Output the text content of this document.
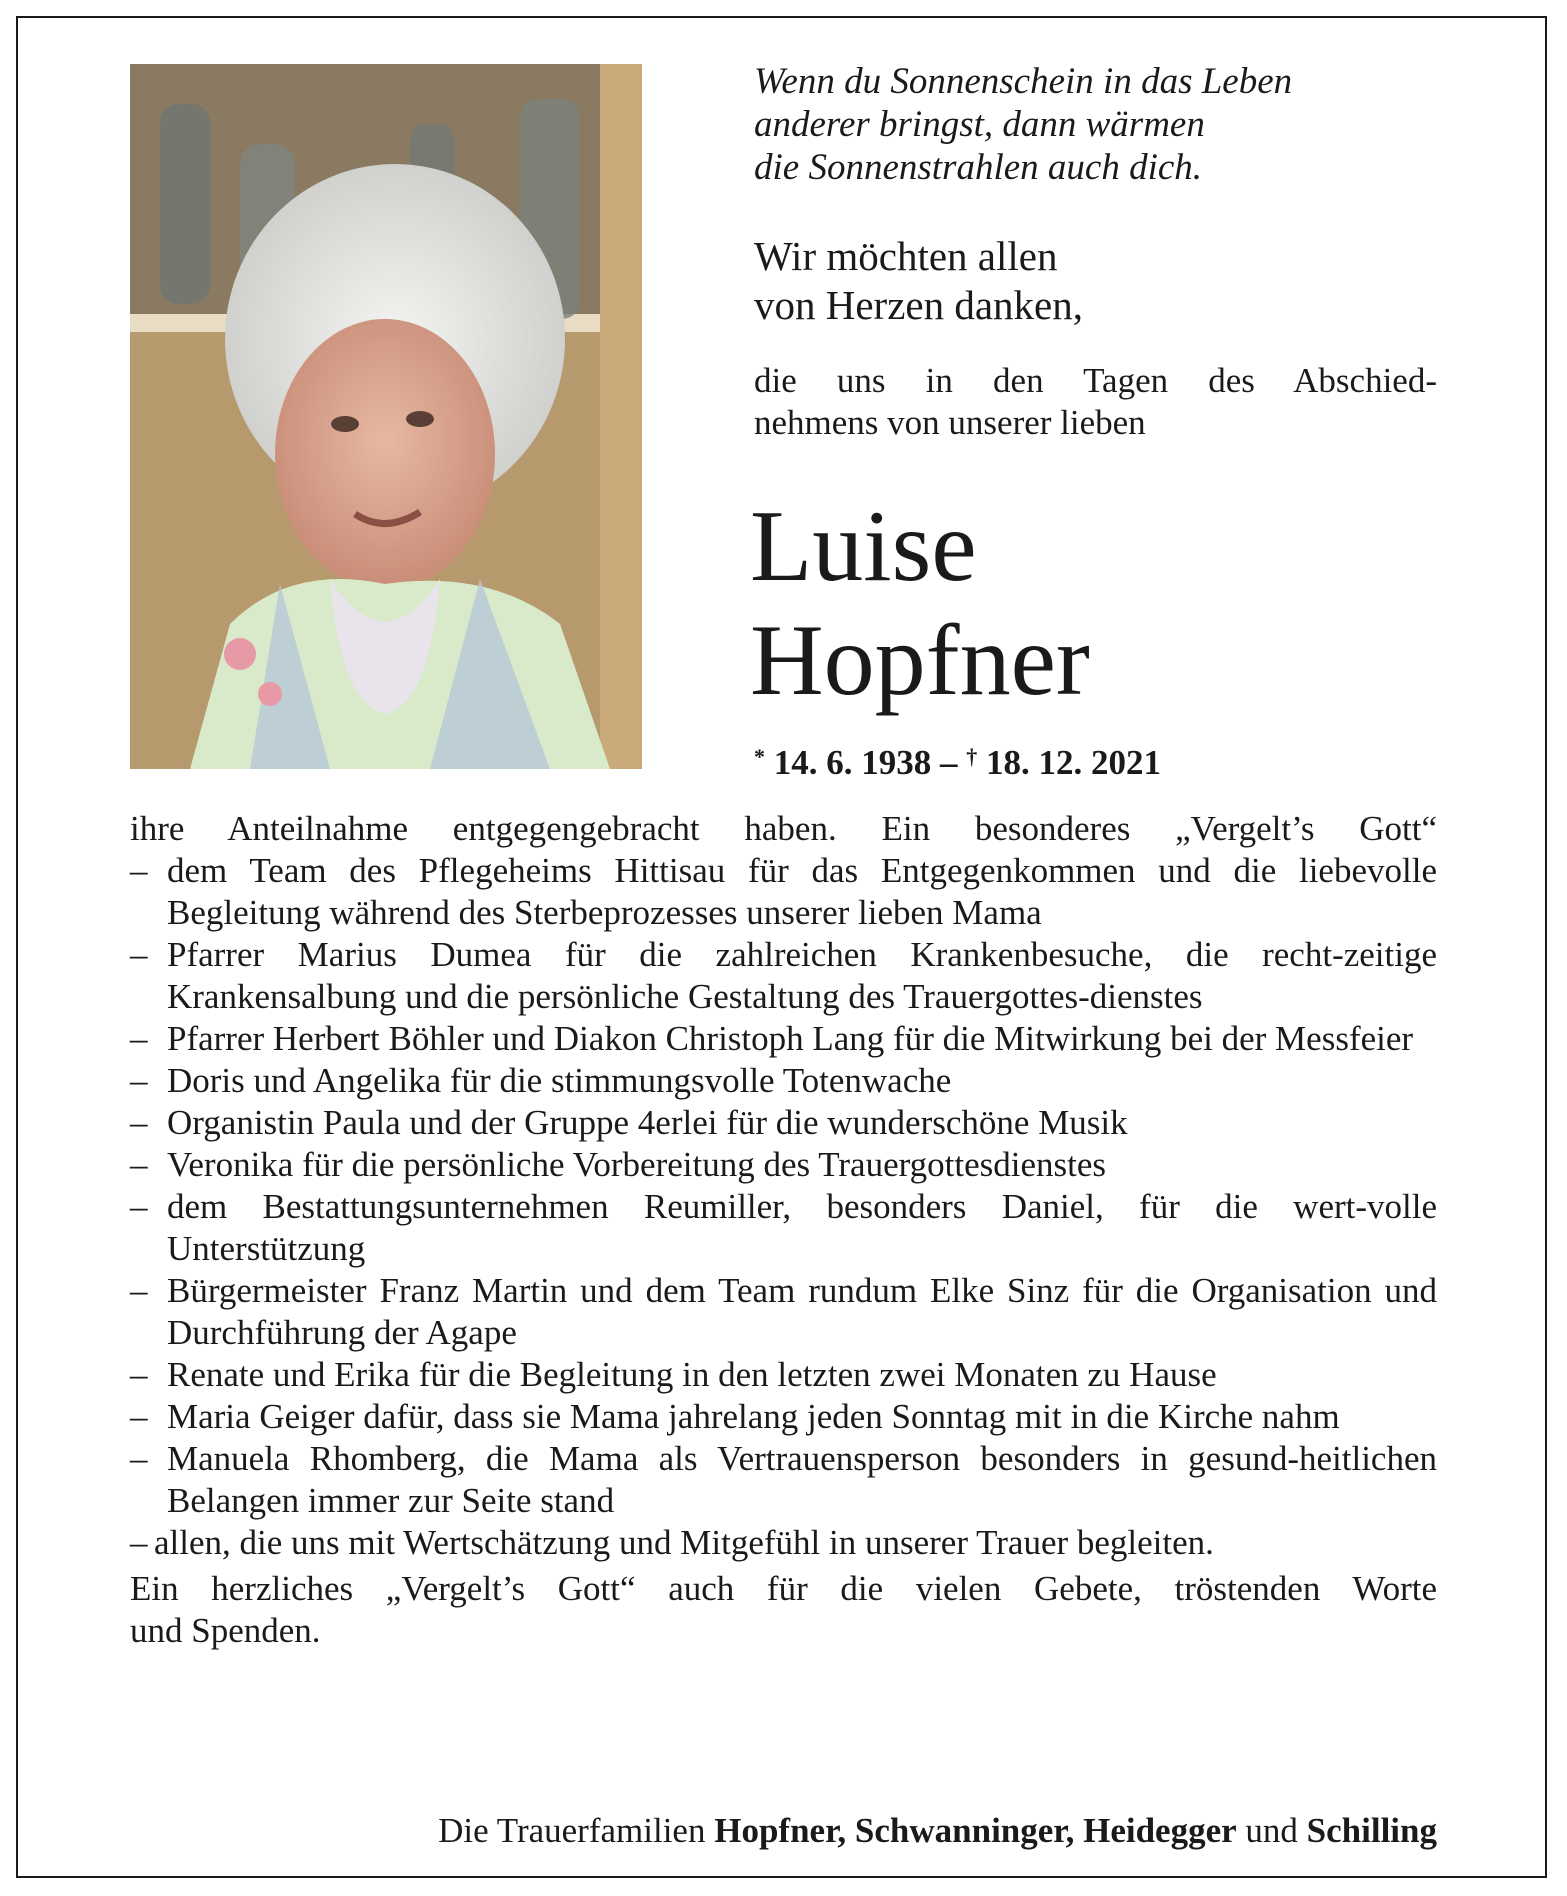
Wenn du Sonnenschein in das Leben
anderer bringst, dann wärmen
die Sonnenstrahlen auch dich.
Wir möchten allen
von Herzen danken,
die uns in den Tagen des Abschied-
nehmens von unserer lieben
Luise
Hopfner
* 14. 6. 1938 – † 18. 12. 2021

ihre Anteilnahme entgegengebracht haben. Ein besonderes „Vergelt’s Gott“

– dem Team des Pflegeheims Hittisau für das Entgegenkommen und die liebevolle Begleitung während des Sterbeprozesses unserer lieben Mama
– Pfarrer Marius Dumea für die zahlreichen Krankenbesuche, die recht-zeitige Krankensalbung und die persönliche Gestaltung des Trauergottes-dienstes
– Pfarrer Herbert Böhler und Diakon Christoph Lang für die Mitwirkung bei der Messfeier
– Doris und Angelika für die stimmungsvolle Totenwache
– Organistin Paula und der Gruppe 4erlei für die wunderschöne Musik
– Veronika für die persönliche Vorbereitung des Trauergottesdienstes
– dem Bestattungsunternehmen Reumiller, besonders Daniel, für die wert-volle Unterstützung
– Bürgermeister Franz Martin und dem Team rundum Elke Sinz für die Organisation und Durchführung der Agape
– Renate und Erika für die Begleitung in den letzten zwei Monaten zu Hause
– Maria Geiger dafür, dass sie Mama jahrelang jeden Sonntag mit in die Kirche nahm
– Manuela Rhomberg, die Mama als Vertrauensperson besonders in gesund-heitlichen Belangen immer zur Seite stand
– allen, die uns mit Wertschätzung und Mitgefühl in unserer Trauer begleiten.
Ein herzliches „Vergelt’s Gott“ auch für die vielen Gebete, tröstenden Worte
und Spenden.
Die Trauerfamilien Hopfner, Schwanninger, Heidegger und Schilling
